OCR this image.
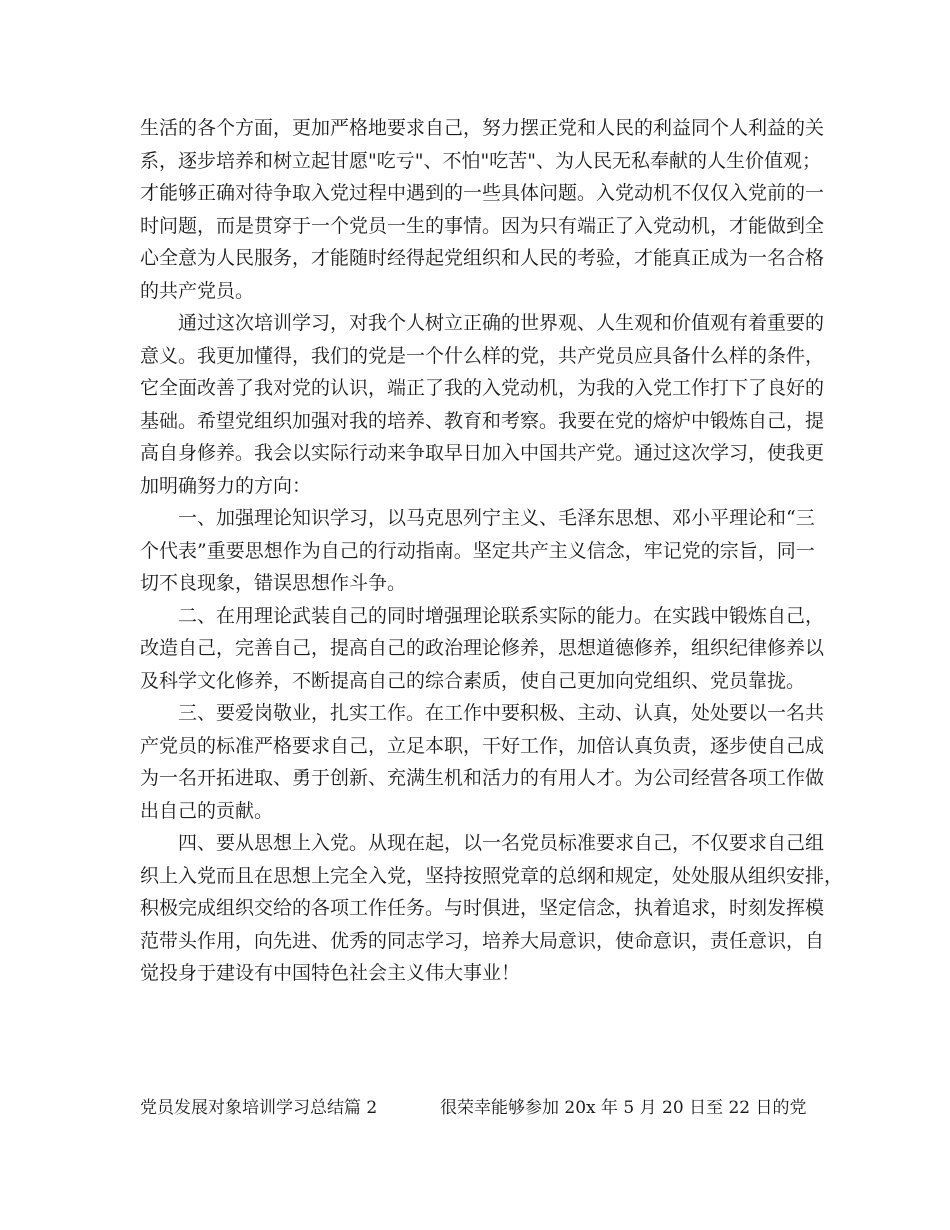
生活的各个方面，更加严格地要求自己，努力摆正党和人民的利益同个人利益的关
系，逐步培养和树立起甘愿"吃亏"、不怕"吃苦"、为人民无私奉献的人生价值观；
才能够正确对待争取入党过程中遇到的一些具体问题。入党动机不仅仅入党前的一
时问题，而是贯穿于一个党员一生的事情。因为只有端正了入党动机，才能做到全
心全意为人民服务，才能随时经得起党组织和人民的考验，才能真正成为一名合格
的共产党员。
通过这次培训学习，对我个人树立正确的世界观、人生观和价值观有着重要的
意义。我更加懂得，我们的党是一个什么样的党，共产党员应具备什么样的条件，
它全面改善了我对党的认识，端正了我的入党动机，为我的入党工作打下了良好的
基础。希望党组织加强对我的培养、教育和考察。我要在党的熔炉中锻炼自己，提
高自身修养。我会以实际行动来争取早日加入中国共产党。通过这次学习，使我更
加明确努力的方向：
一、加强理论知识学习，以马克思列宁主义、毛泽东思想、邓小平理论和“三
个代表”重要思想作为自己的行动指南。坚定共产主义信念，牢记党的宗旨，同一
切不良现象，错误思想作斗争。
二、在用理论武装自己的同时增强理论联系实际的能力。在实践中锻炼自己，
改造自己，完善自己，提高自己的政治理论修养，思想道德修养，组织纪律修养以
及科学文化修养，不断提高自己的综合素质，使自己更加向党组织、党员靠拢。
三、要爱岗敬业，扎实工作。在工作中要积极、主动、认真，处处要以一名共
产党员的标准严格要求自己，立足本职，干好工作，加倍认真负责，逐步使自己成
为一名开拓进取、勇于创新、充满生机和活力的有用人才。为公司经营各项工作做
出自己的贡献。
四、要从思想上入党。从现在起，以一名党员标准要求自己，不仅要求自己组
织上入党而且在思想上完全入党，坚持按照党章的总纲和规定，处处服从组织安排，
积极完成组织交给的各项工作任务。与时俱进，坚定信念，执着追求，时刻发挥模
范带头作用，向先进、优秀的同志学习，培养大局意识，使命意识，责任意识，自
觉投身于建设有中国特色社会主义伟大事业！
党员发展对象培训学习总结篇 2	很荣幸能够参加 20x 年 5 月 20 日至 22 日的党
